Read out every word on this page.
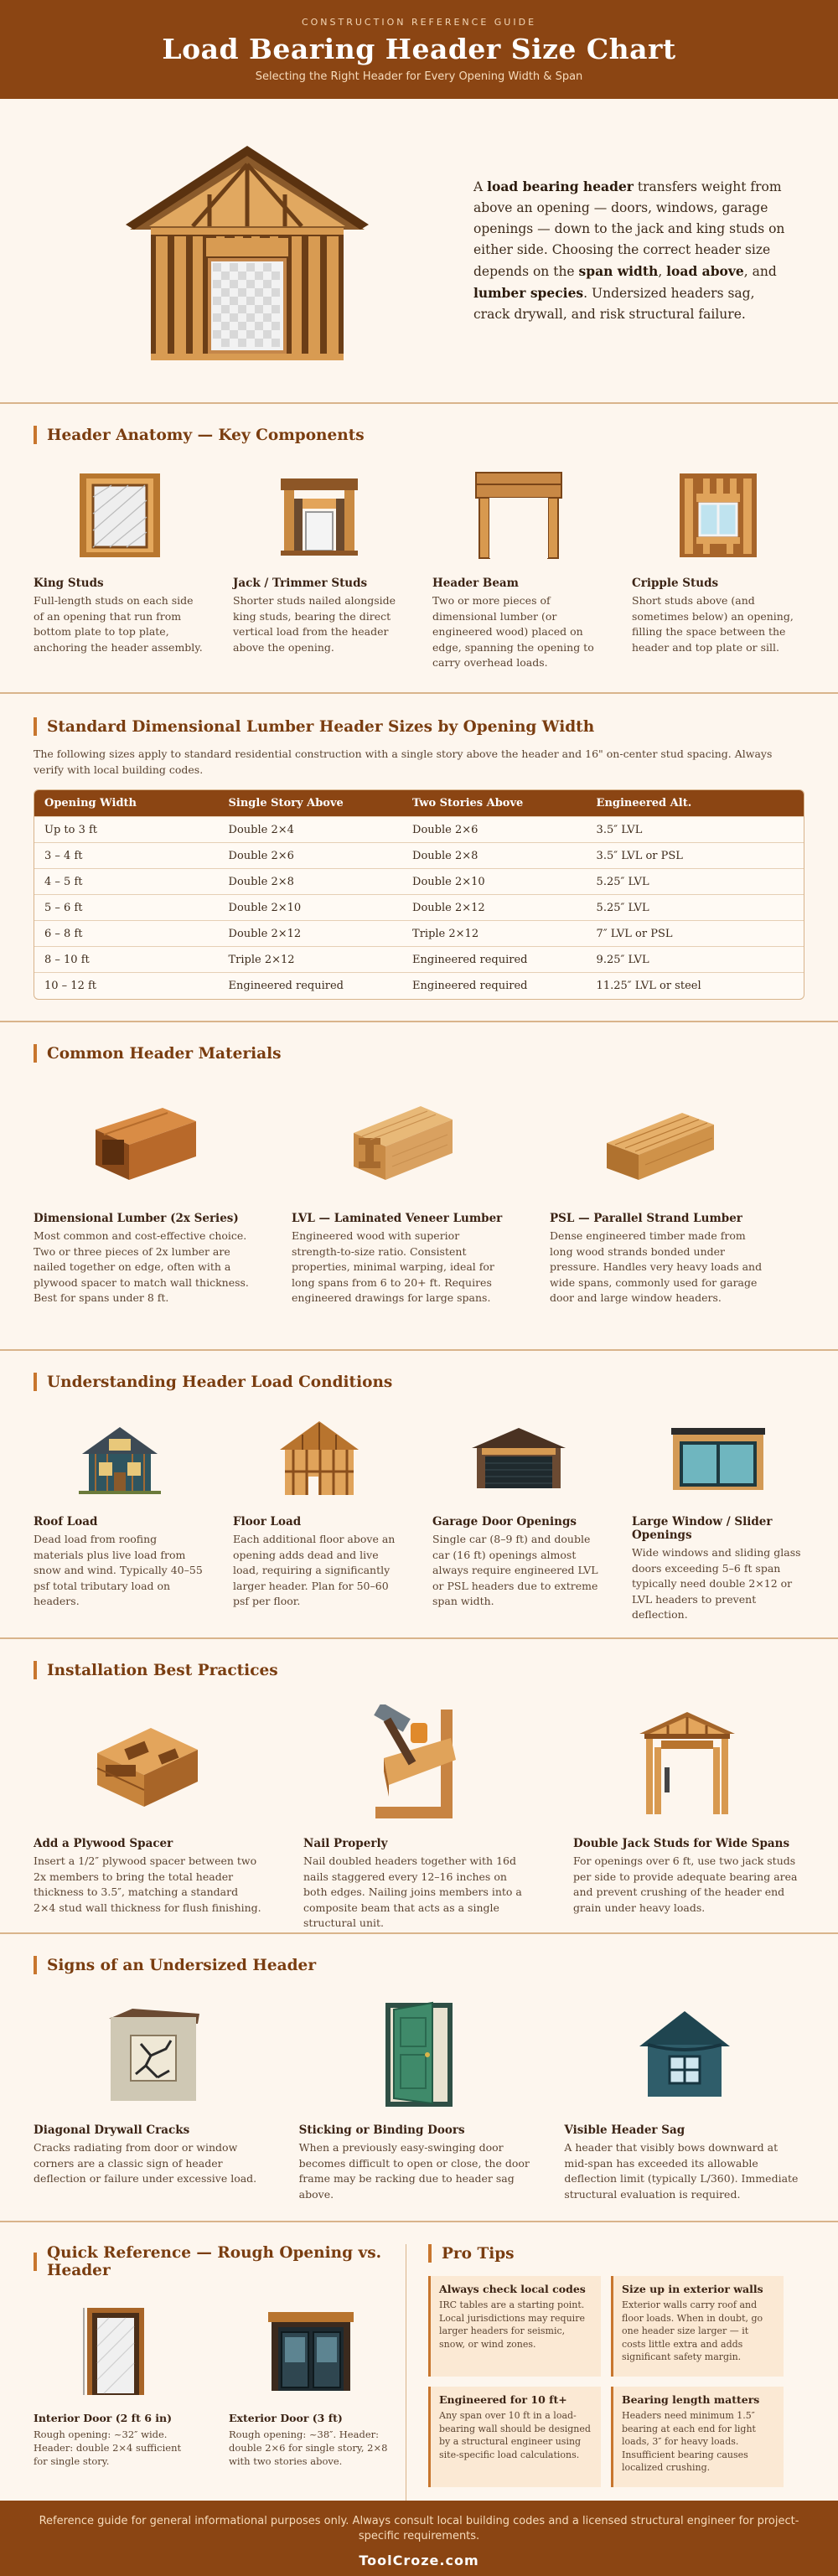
CONSTRUCTION REFERENCE GUIDE
Load Bearing Header Size Chart
Selecting the Right Header for Every Opening Width & Span

A load bearing header transfers weight from above an opening — doors, windows, garage openings — down to the jack and king studs on either side. Choosing the correct header size depends on the span width, load above, and lumber species. Undersized headers sag, crack drywall, and risk structural failure.

Header Anatomy — Key Components
King Studs

Full-length studs on each side of an opening that run from bottom plate to top plate, anchoring the header assembly.

Jack / Trimmer Studs

Shorter studs nailed alongside king studs, bearing the direct vertical load from the header above the opening.

Header Beam

Two or more pieces of dimensional lumber (or engineered wood) placed on edge, spanning the opening to carry overhead loads.

Cripple Studs

Short studs above (and sometimes below) an opening, filling the space between the header and top plate or sill.

Standard Dimensional Lumber Header Sizes by Opening Width

The following sizes apply to standard residential construction with a single story above the header and 16" on-center stud spacing. Always verify with local building codes.

Opening Width	Single Story Above	Two Stories Above	Engineered Alt.
Up to 3 ft	Double 2×4	Double 2×6	3.5″ LVL
3 – 4 ft	Double 2×6	Double 2×8	3.5″ LVL or PSL
4 – 5 ft	Double 2×8	Double 2×10	5.25″ LVL
5 – 6 ft	Double 2×10	Double 2×12	5.25″ LVL
6 – 8 ft	Double 2×12	Triple 2×12	7″ LVL or PSL
8 – 10 ft	Triple 2×12	Engineered required	9.25″ LVL
10 – 12 ft	Engineered required	Engineered required	11.25″ LVL or steel
Common Header Materials
Dimensional Lumber (2x Series)

Most common and cost-effective choice. Two or three pieces of 2x lumber are nailed together on edge, often with a plywood spacer to match wall thickness. Best for spans under 8 ft.

LVL — Laminated Veneer Lumber

Engineered wood with superior strength-to-size ratio. Consistent properties, minimal warping, ideal for long spans from 6 to 20+ ft. Requires engineered drawings for large spans.

PSL — Parallel Strand Lumber

Dense engineered timber made from long wood strands bonded under pressure. Handles very heavy loads and wide spans, commonly used for garage door and large window headers.

Understanding Header Load Conditions
Roof Load

Dead load from roofing materials plus live load from snow and wind. Typically 40–55 psf total tributary load on headers.

Floor Load

Each additional floor above an opening adds dead and live load, requiring a significantly larger header. Plan for 50–60 psf per floor.

Garage Door Openings

Single car (8–9 ft) and double car (16 ft) openings almost always require engineered LVL or PSL headers due to extreme span width.

Large Window / Slider Openings

Wide windows and sliding glass doors exceeding 5–6 ft span typically need double 2×12 or LVL headers to prevent deflection.

Installation Best Practices
Add a Plywood Spacer

Insert a 1/2″ plywood spacer between two 2x members to bring the total header thickness to 3.5″, matching a standard 2×4 stud wall thickness for flush finishing.

Nail Properly

Nail doubled headers together with 16d nails staggered every 12–16 inches on both edges. Nailing joins members into a composite beam that acts as a single structural unit.

Double Jack Studs for Wide Spans

For openings over 6 ft, use two jack studs per side to provide adequate bearing area and prevent crushing of the header end grain under heavy loads.

Signs of an Undersized Header
Diagonal Drywall Cracks

Cracks radiating from door or window corners are a classic sign of header deflection or failure under excessive load.

Sticking or Binding Doors

When a previously easy-swinging door becomes difficult to open or close, the door frame may be racking due to header sag above.

Visible Header Sag

A header that visibly bows downward at mid-span has exceeded its allowable deflection limit (typically L/360). Immediate structural evaluation is required.

Quick Reference — Rough Opening vs. Header
Interior Door (2 ft 6 in)

Rough opening: ~32″ wide. Header: double 2×4 sufficient for single story.

Exterior Door (3 ft)

Rough opening: ~38″. Header: double 2×6 for single story, 2×8 with two stories above.

Pro Tips
Always check local codes

IRC tables are a starting point. Local jurisdictions may require larger headers for seismic, snow, or wind zones.

Size up in exterior walls

Exterior walls carry roof and floor loads. When in doubt, go one header size larger — it costs little extra and adds significant safety margin.

Engineered for 10 ft+

Any span over 10 ft in a load-bearing wall should be designed by a structural engineer using site-specific load calculations.

Bearing length matters

Headers need minimum 1.5″ bearing at each end for light loads, 3″ for heavy loads. Insufficient bearing causes localized crushing.

Reference guide for general informational purposes only. Always consult local building codes and a licensed structural engineer for project-specific requirements.
ToolCroze.com
